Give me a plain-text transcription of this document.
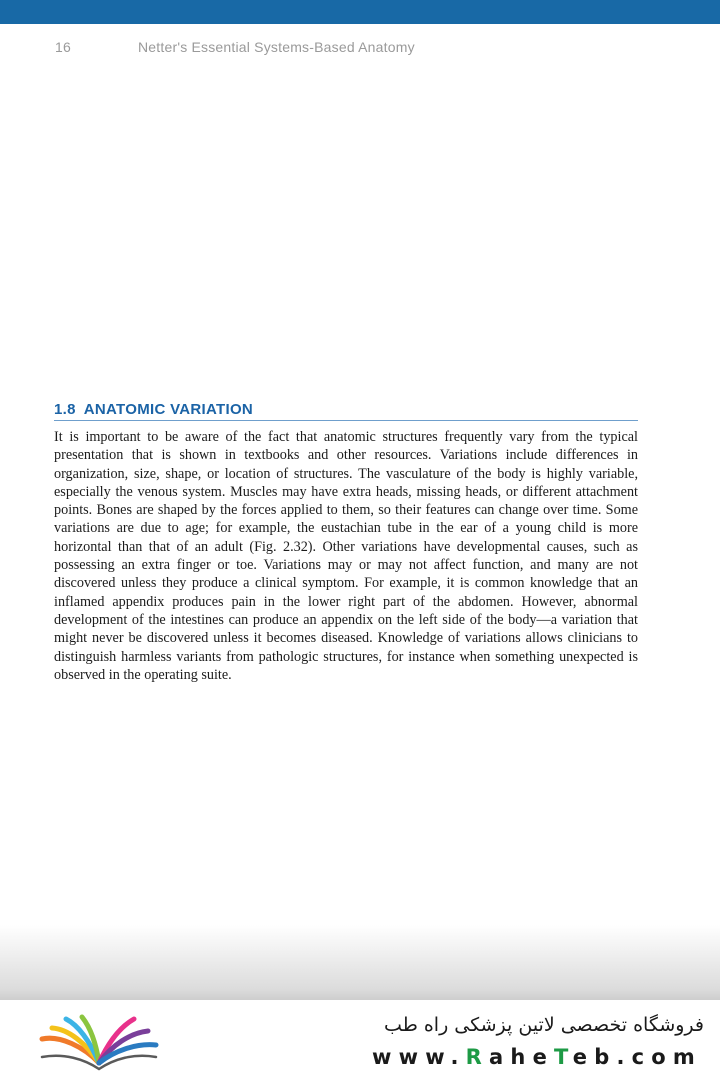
16	Netter's Essential Systems-Based Anatomy
1.8 ANATOMIC VARIATION

It is important to be aware of the fact that anatomic structures frequently vary from the typical presentation that is shown in textbooks and other resources. Variations include differences in organization, size, shape, or location of structures. The vasculature of the body is highly variable, especially the venous system. Muscles may have extra heads, missing heads, or different attachment points. Bones are shaped by the forces applied to them, so their features can change over time. Some variations are due to age; for example, the eustachian tube in the ear of a young child is more horizontal than that of an adult (Fig. 2.32). Other variations have developmental causes, such as possessing an extra finger or toe. Variations may or may not affect function, and many are not discovered unless they produce a clinical symptom. For example, it is common knowledge that an inflamed appendix produces pain in the lower right part of the abdomen. However, abnormal development of the intestines can produce an appendix on the left side of the body—a variation that might never be discovered unless it becomes diseased. Knowledge of variations allows clinicians to distinguish harmless variants from pathologic structures, for instance when something unexpected is observed in the operating suite.

فروشگاه تخصصی لاتین پزشکی راه طب
www.RaheTeb.com
